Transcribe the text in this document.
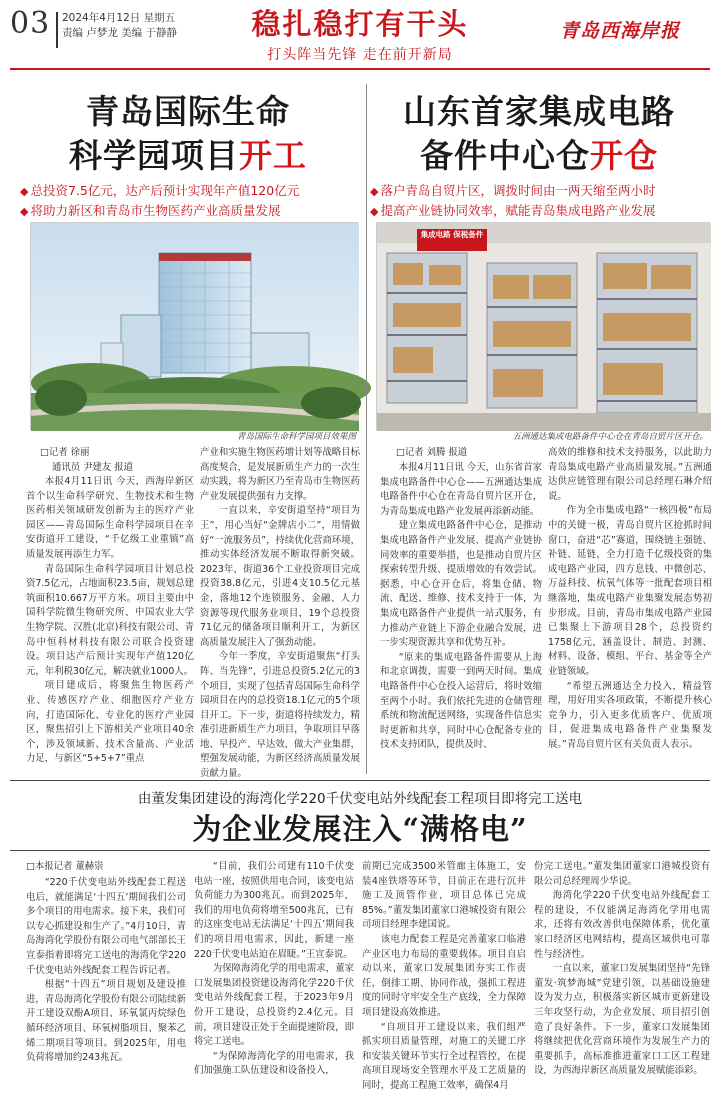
03 2024年4月12日 星期五
责编 卢梦龙 美编 于静静	稳扎稳打有干头
打头阵当先锋 走在前开新局
青岛西海岸报
青岛国际生命
科学园项目开工
◆ 总投资7.5亿元，达产后预计实现年产值120亿元
◆ 将助力新区和青岛市生物医药产业高质量发展
青岛国际生命科学园项目效果图
□记者 徐丽
通讯员 尹建友 报道

本报4月11日讯 今天，西海岸新区首个以生命科学研究、生物技术和生物医药相关领域研发创新为主的医疗产业园区——青岛国际生命科学园项目在辛安街道开工建设，“千亿级工业重镇”高质量发展再添生力军。

青岛国际生命科学园项目计划总投资7.5亿元，占地面积23.5亩，规划总建筑面积10.667万平方米。项目主要由中国科学院微生物研究所、中国农业大学生物学院、汉胜(北京)科技有限公司、青岛中恒科材科技有限公司联合投资建设。项目达产后预计实现年产值120亿元，年利税30亿元，解决就业1000人。

项目建成后，将聚焦生物医药产业、传感医疗产业、细胞医疗产业方向，打造国际化、专业化的医疗产业园区，聚焦招引上下游相关产业项目40余个，涉及领域新、技术含量高、产业活力足，与新区“5+5+7”重点

产业和实施生物医药增计划等战略目标高度契合，是发展新质生产力的一次生动实践，将为新区乃至青岛市生物医药产业发展提供强有力支撑。

一直以来，辛安街道坚持“项目为王”，用心当好“金牌店小二”，用情做好“一流服务员”，持续优化营商环境，推动实体经济发展不断取得新突破。2023年，街道36个工业投资项目完成投资38.8亿元，引进4支10.5亿元基金，落地12个连锁服务、金融、人力资源等现代服务业项目，19个总投资71亿元的储备项目顺利开工，为新区高质量发展注入了强劲动能。

今年一季度，辛安街道聚焦“打头阵、当先锋”，引进总投资5.2亿元的3个项目，实现了包括青岛国际生命科学园项目在内的总投资18.1亿元的5个项目开工。下一步，街道将持续发力，精准引进新质生产力项目，争取项目早落地、早投产、早达效，做大产业集群，塑强发展动能，为新区经济高质量发展贡献力量。

山东首家集成电路
备件中心仓开仓
◆ 落户青岛自贸片区，调拨时间由一两天缩至两小时
◆ 提高产业链协同效率，赋能青岛集成电路产业发展
集成电路 保税备件
五洲通达集成电路备件中心仓在青岛自贸片区开仓。
□记者 刘腾 报道

本报4月11日讯 今天，山东省首家集成电路备件中心仓——五洲通达集成电路备件中心仓在青岛自贸片区开仓，为青岛集成电路产业发展再添新动能。

建立集成电路备件中心仓，是推动集成电路备件产业发展、提高产业链协同效率的重要举措，也是推动自贸片区探索转型升级、提质增效的有效尝试。据悉，中心仓开仓后，将集仓储、物流、配送、维修、技术支持于一体，为集成电路备件产业提供一站式服务，有力推动产业链上下游企业融合发展，进一步实现资源共享和优势互补。

“原来的集成电路备件需要从上海和北京调拨，需要一到两天时间。集成电路备件中心仓投入运营后，将时效缩至两个小时。我们依托先进的仓储管理系统和物流配送网络，实现备件信息实时更新和共享，同时中心仓配备专业的技术支持团队，提供及时、

高效的维修和技术支持服务，以此助力青岛集成电路产业高质量发展。”五洲通达供应链管理有限公司总经理石琳介绍说。

作为全市集成电路“一核四极”布局中的关键一极，青岛自贸片区抢抓时间窗口，奋进“芯”赛道，围绕链主强链、补链、延链，全力打造千亿级投资的集成电路产业园，四方息钱、中微创芯、万益科技、杭氧气体等一批配套项目相继落地，集成电路产业集聚发展态势初步形成。目前，青岛市集成电路产业园已集聚上下游项目28个，总投资约1758亿元，涵盖设计、制造、封测、材料、设备、模组、平台、基金等全产业链领域。

“希望五洲通达全力投入，精益管理，用好用实各项政策，不断提升核心竞争力，引入更多优质客户、优质项目，促进集成电路备件产业集聚发展。”青岛自贸片区有关负责人表示。

由董发集团建设的海湾化学220千伏变电站外线配套工程项目即将完工送电
为企业发展注入“满格电”
□本报记者 董赫崇

“220千伏变电站外线配套工程送电后，就能满足‘十四五’期间我们公司多个项目的用电需求。接下来，我们可以专心抓建设和生产了。”4月10日，青岛海湾化学股份有限公司电气部部长王宣泰指着即将完工送电的海湾化学220千伏变电站外线配套工程告诉记者。

根据“十四五”项目规划及建设推进，青岛海湾化学股份有限公司陆续新开工建设双酚A项目、环氧氯丙烷绿色循环经济项目、环氧树脂项目、聚苯乙烯二期项目等项目。到2025年，用电负荷将增加约243兆瓦。

“目前，我们公司建有110千伏变电站一座，按照供用电合同，该变电站负荷能力为300兆瓦。而到2025年，我们的用电负荷将增至500兆瓦，已有的这座变电站无法满足‘十四五’期间我们的项目用电需求，因此，新建一座220千伏变电站迫在眉睫。”王宣泰说。

为保障海湾化学的用电需求，董家口发展集团投资建设海湾化学220千伏变电站外线配套工程，于2023年9月份开工建设，总投资约2.4亿元。目前，项目建设正处于全面提速阶段，即将完工送电。

“为保障海湾化学的用电需求，我们加强施工队伍建设和设备投入，

前期已完成3500米管廊主体施工，安装4座铁塔等环节，目前正在进行沉井施工及顶管作业，项目总体已完成85%。”董发集团董家口港城投资有限公司项目经理李建国说。

该电力配套工程是完善董家口临港产业区电力布局的重要载体。项目自启动以来，董家口发展集团夯实工作责任，倒排工期、协同作战，强抓工程进度的同时守牢安全生产底线，全力保障项目建设高效推进。

“自项目开工建设以来，我们组严抓实项目质量管理，对施工的关键工序和安装关键环节实行全过程管控，在提高项目现场安全管理水平及工艺质量的同时，提高工程施工效率，确保4月

份完工送电。”董发集团董家口港城投资有限公司总经理周少华说。

海湾化学220千伏变电站外线配套工程的建设，不仅能满足海湾化学用电需求，还将有效改善供电保障体系，优化董家口经济区电网结构，提高区域供电可靠性与经济性。

一直以来，董家口发展集团坚持“先锋董发·筑梦海城”党建引领，以基础设施建设为发力点，积极落实新区城市更新建设三年攻坚行动，为企业发展、项目招引创造了良好条件。下一步，董家口发展集团将继续把优化营商环境作为发展生产力的重要抓手，高标准推进董家口工区工程建设，为西海岸新区高质量发展赋能添彩。
